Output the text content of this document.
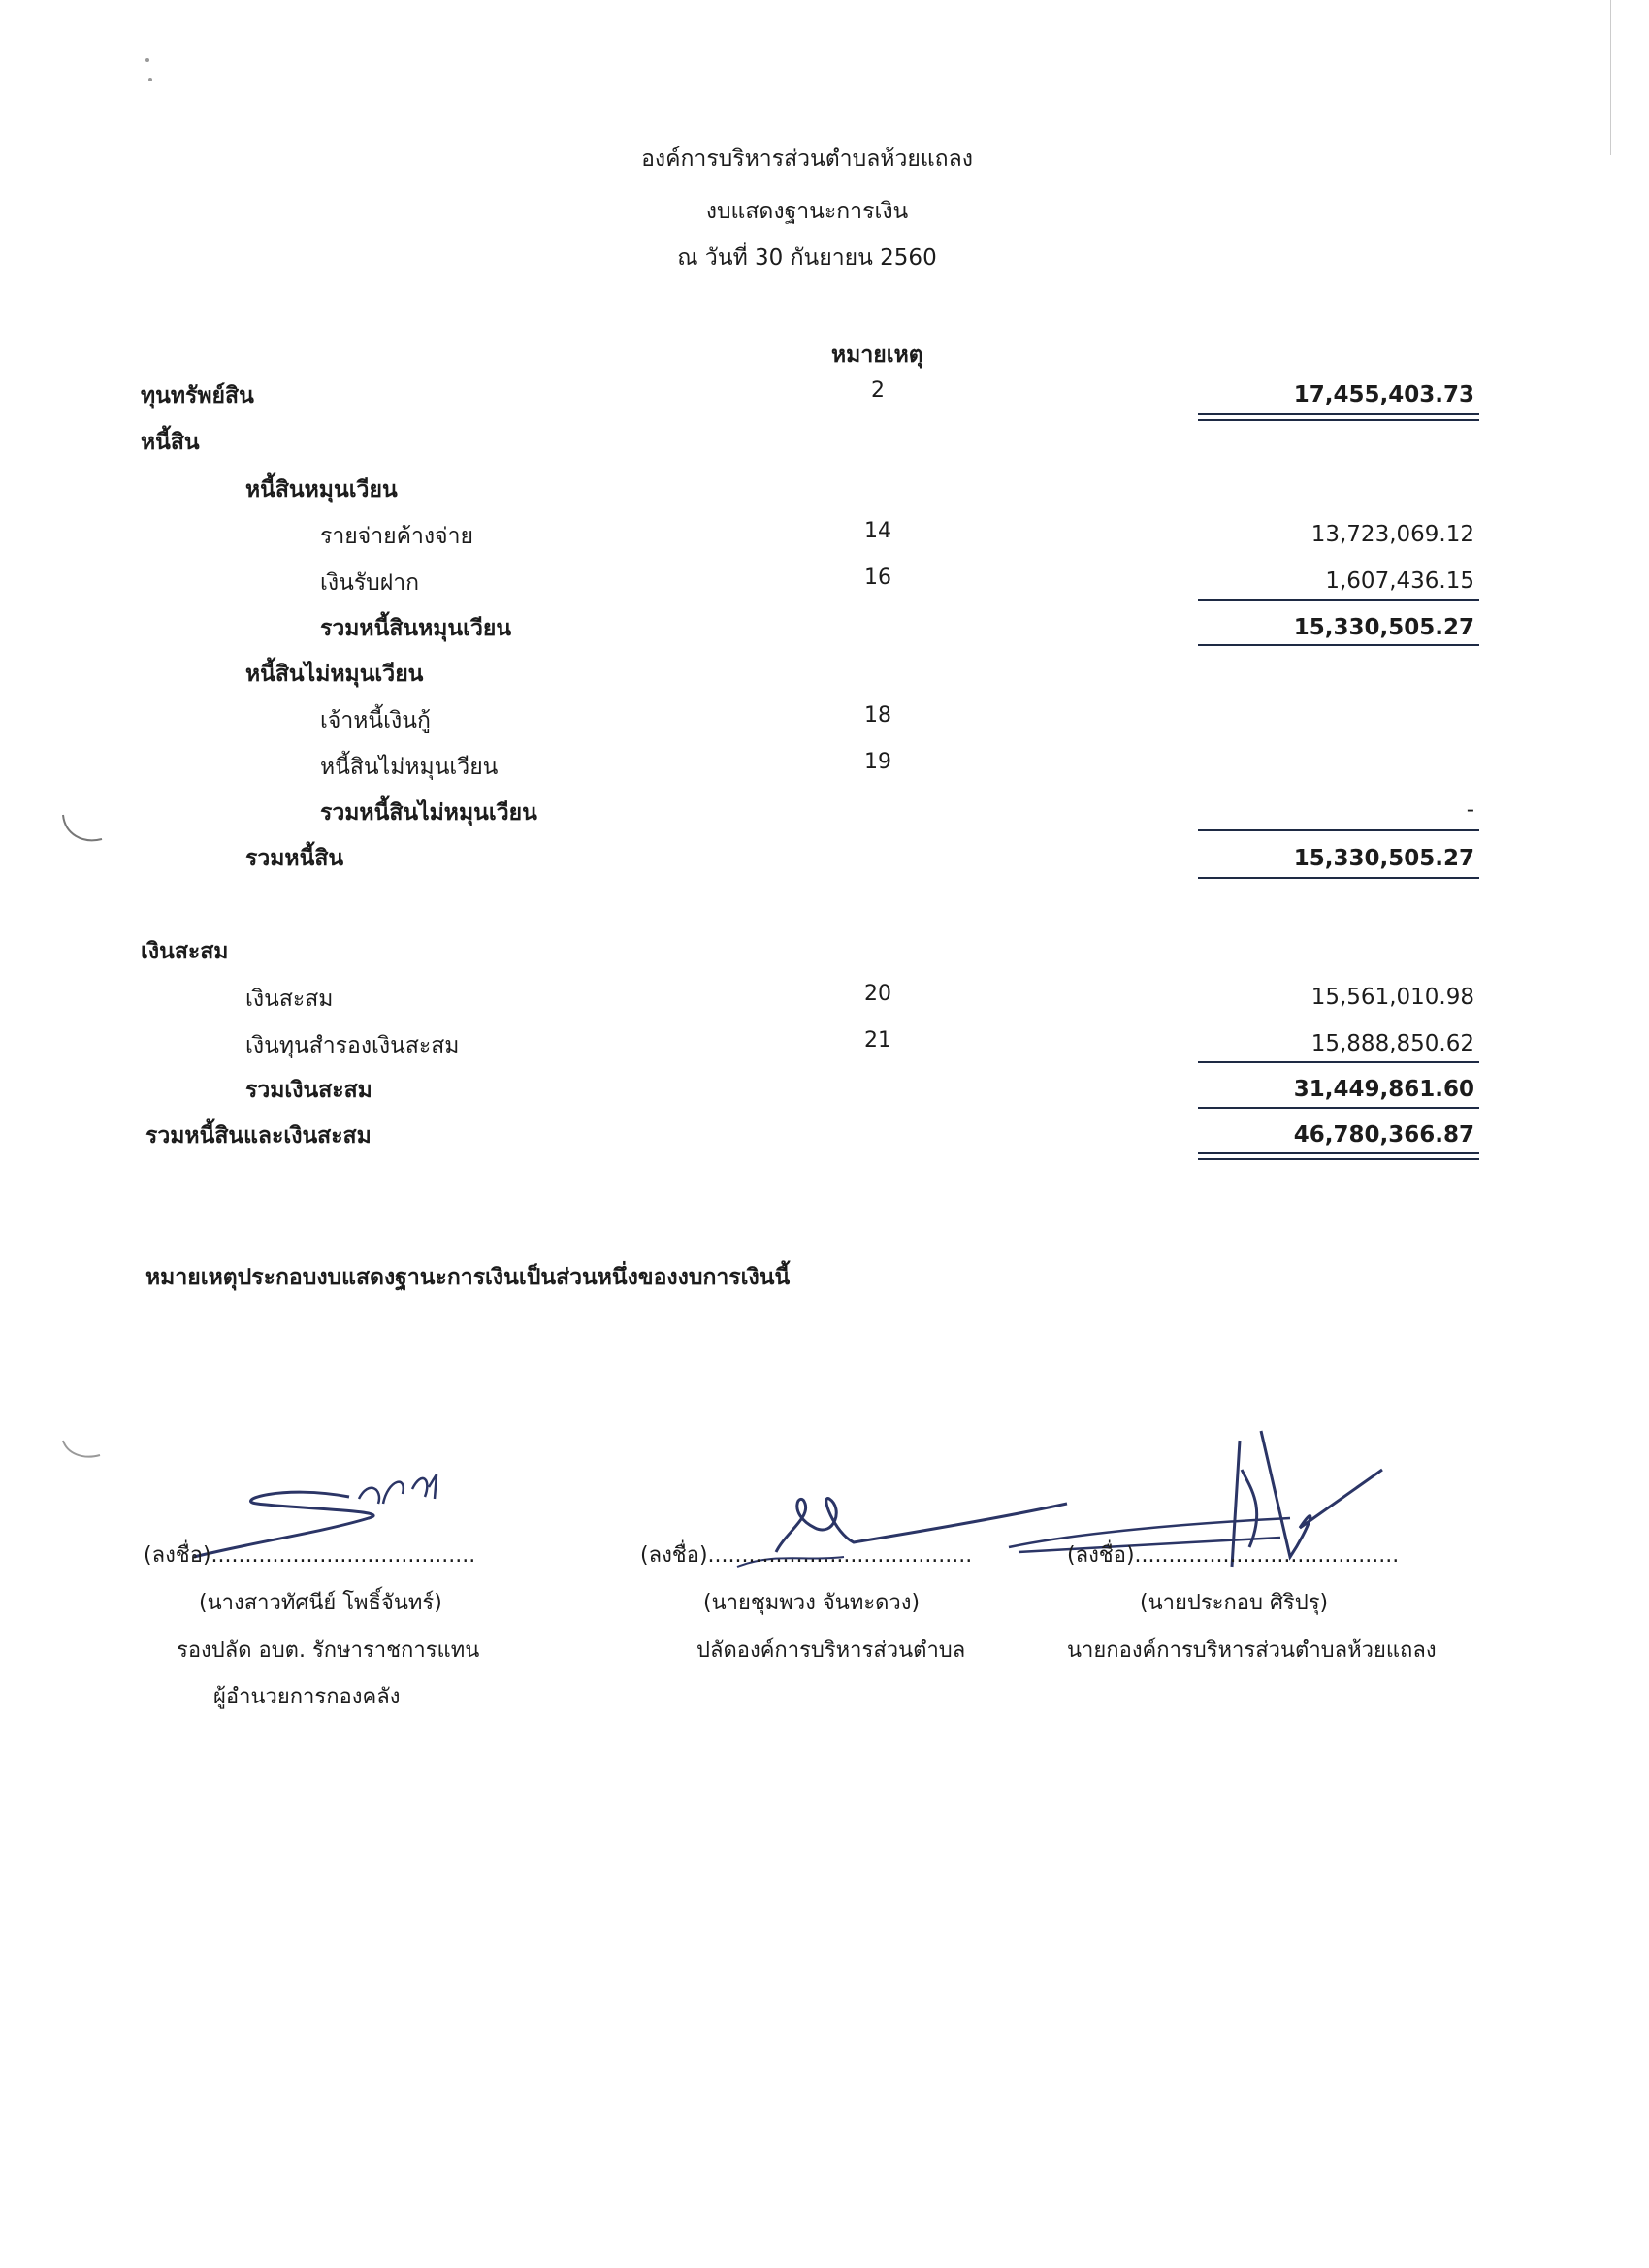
องค์การบริหารส่วนตำบลห้วยแถลง
งบแสดงฐานะการเงิน
ณ วันที่ 30 กันยายน 2560
หมายเหตุ
ทุนทรัพย์สิน	2	17,455,403.73
หนี้สิน
หนี้สินหมุนเวียน
รายจ่ายค้างจ่าย	14	13,723,069.12
เงินรับฝาก	16	1,607,436.15
รวมหนี้สินหมุนเวียน	15,330,505.27
หนี้สินไม่หมุนเวียน
เจ้าหนี้เงินกู้	18
หนี้สินไม่หมุนเวียน	19
รวมหนี้สินไม่หมุนเวียน	-
รวมหนี้สิน	15,330,505.27
เงินสะสม
เงินสะสม	20	15,561,010.98
เงินทุนสำรองเงินสะสม	21	15,888,850.62
รวมเงินสะสม	31,449,861.60
รวมหนี้สินและเงินสะสม	46,780,366.87
หมายเหตุประกอบงบแสดงฐานะการเงินเป็นส่วนหนึ่งของงบการเงินนี้
(ลงชื่อ).......................................
(นางสาวทัศนีย์ โพธิ์จันทร์)
รองปลัด อบต. รักษาราชการแทน
ผู้อำนวยการกองคลัง
(ลงชื่อ).......................................
(นายชุมพวง จันทะดวง)
ปลัดองค์การบริหารส่วนตำบล
(ลงชื่อ).......................................
(นายประกอบ ศิริปรุ)
นายกองค์การบริหารส่วนตำบลห้วยแถลง
